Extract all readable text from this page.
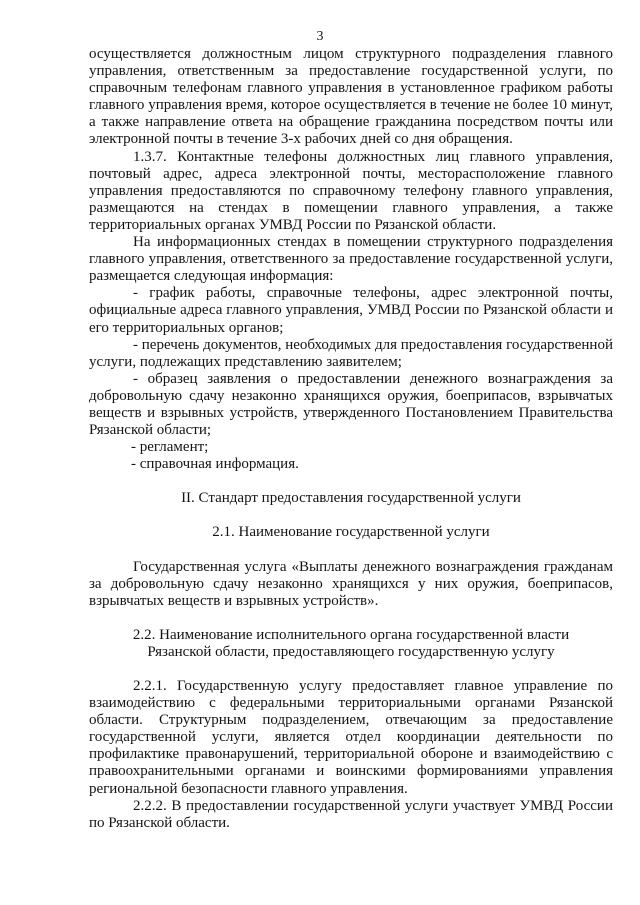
3

осуществляется должностным лицом структурного подразделения главного управления, ответственным за предоставление государственной услуги, по справочным телефонам главного управления в установленное графиком работы главного управления время, которое осуществляется в течение не более 10 минут, а также направление ответа на обращение гражданина посредством почты или электронной почты в течение 3-х рабочих дней со дня обращения.

1.3.7. Контактные телефоны должностных лиц главного управления, почтовый адрес, адреса электронной почты, месторасположение главного управления предоставляются по справочному телефону главного управления, размещаются на стендах в помещении главного управления, а также территориальных органах УМВД России по Рязанской области.

На информационных стендах в помещении структурного подразделения главного управления, ответственного за предоставление государственной услуги, размещается следующая информация:

- график работы, справочные телефоны, адрес электронной почты, официальные адреса главного управления, УМВД России по Рязанской области и его территориальных органов;

- перечень документов, необходимых для предоставления государственной услуги, подлежащих представлению заявителем;

- образец заявления о предоставлении денежного вознаграждения за добровольную сдачу незаконно хранящихся оружия, боеприпасов, взрывчатых веществ и взрывных устройств, утвержденного Постановлением Правительства Рязанской области;

- регламент;

- справочная информация.

II. Стандарт предоставления государственной услуги

2.1. Наименование государственной услуги

Государственная услуга «Выплаты денежного вознаграждения гражданам за добровольную сдачу незаконно хранящихся у них оружия, боеприпасов, взрывчатых веществ и взрывных устройств».

2.2. Наименование исполнительного органа государственной власти

Рязанской области, предоставляющего государственную услугу

2.2.1. Государственную услугу предоставляет главное управление по взаимодействию с федеральными территориальными органами Рязанской области. Структурным подразделением, отвечающим за предоставление государственной услуги, является отдел координации деятельности по профилактике правонарушений, территориальной обороне и взаимодействию с правоохранительными органами и воинскими формированиями управления региональной безопасности главного управления.

2.2.2. В предоставлении государственной услуги участвует УМВД России по Рязанской области.
